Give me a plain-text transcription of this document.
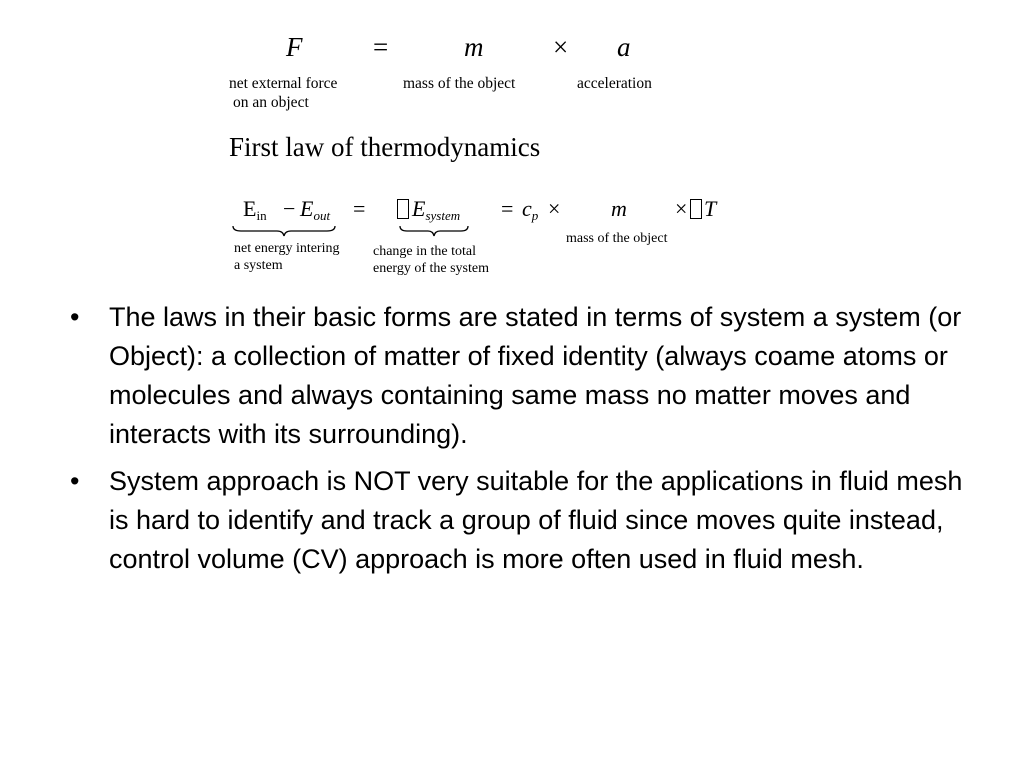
F	=	m	× a
net external force
on an object
mass of the object	acceleration
First law of thermodynamics
$E_{in} - E_{out} = E_{system} = c_p \times m \times T$
net energy intering
a system
change in the total
energy of the system
mass of the object
• The laws in their basic forms are stated in terms of system a system (or Object): a collection of matter of fixed identity (always coame atoms or molecules and always containing same mass no matter moves and interacts with its surrounding).
• System approach is NOT very suitable for the applications in fluid mesh is hard to identify and track a group of fluid since moves quite instead, control volume (CV) approach is more often used in fluid mesh.
